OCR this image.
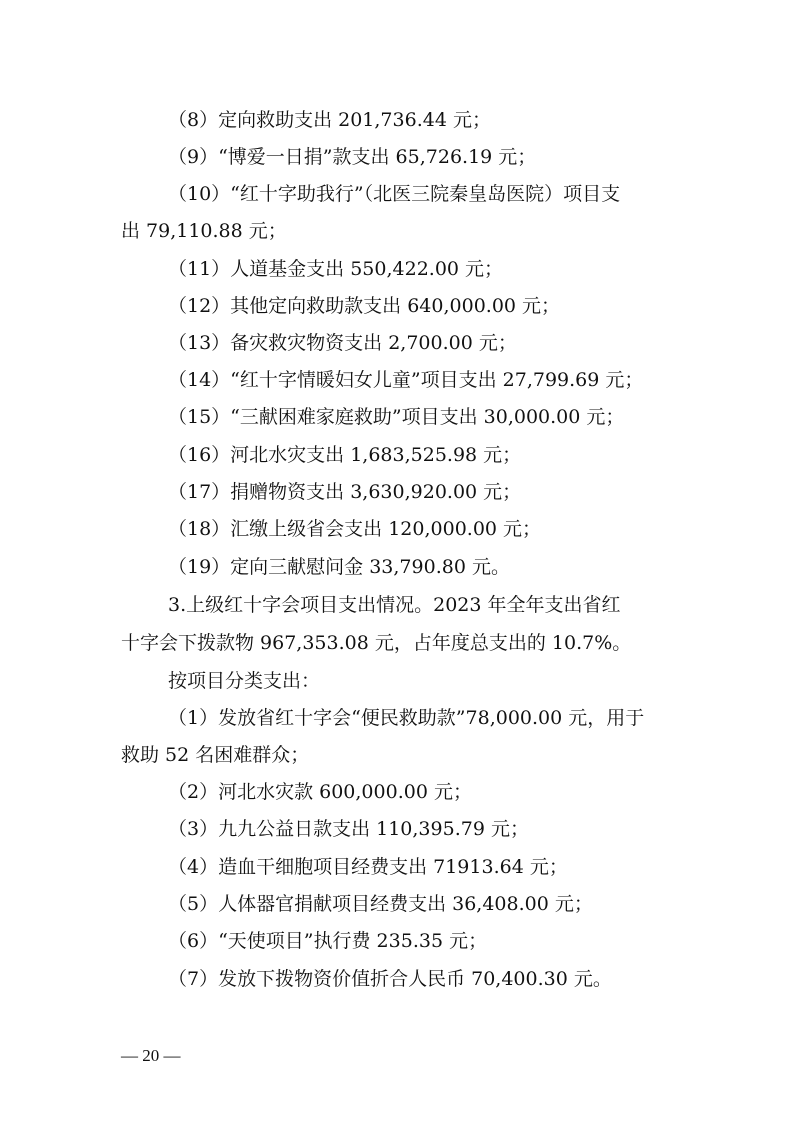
（8）定向救助支出 201,736.44 元；
（9）“博爱一日捐”款支出 65,726.19 元；
（10）“红十字助我行”（北医三院秦皇岛医院）项目支
出 79,110.88 元；
（11）人道基金支出 550,422.00 元；
（12）其他定向救助款支出 640,000.00 元；
（13）备灾救灾物资支出 2,700.00 元；
（14）“红十字情暖妇女儿童”项目支出 27,799.69 元；
（15）“三献困难家庭救助”项目支出 30,000.00 元；
（16）河北水灾支出 1,683,525.98 元；
（17）捐赠物资支出 3,630,920.00 元；
（18）汇缴上级省会支出 120,000.00 元；
（19）定向三献慰问金 33,790.80 元。
3.上级红十字会项目支出情况。2023 年全年支出省红
十字会下拨款物 967,353.08 元，占年度总支出的 10.7%。
按项目分类支出：
（1）发放省红十字会“便民救助款”78,000.00 元，用于
救助 52 名困难群众；
（2）河北水灾款 600,000.00 元；
（3）九九公益日款支出 110,395.79 元；
（4）造血干细胞项目经费支出 71913.64 元；
（5）人体器官捐献项目经费支出 36,408.00 元；
（6）“天使项目”执行费 235.35 元；
（7）发放下拨物资价值折合人民币 70,400.30 元。
— 20 —
